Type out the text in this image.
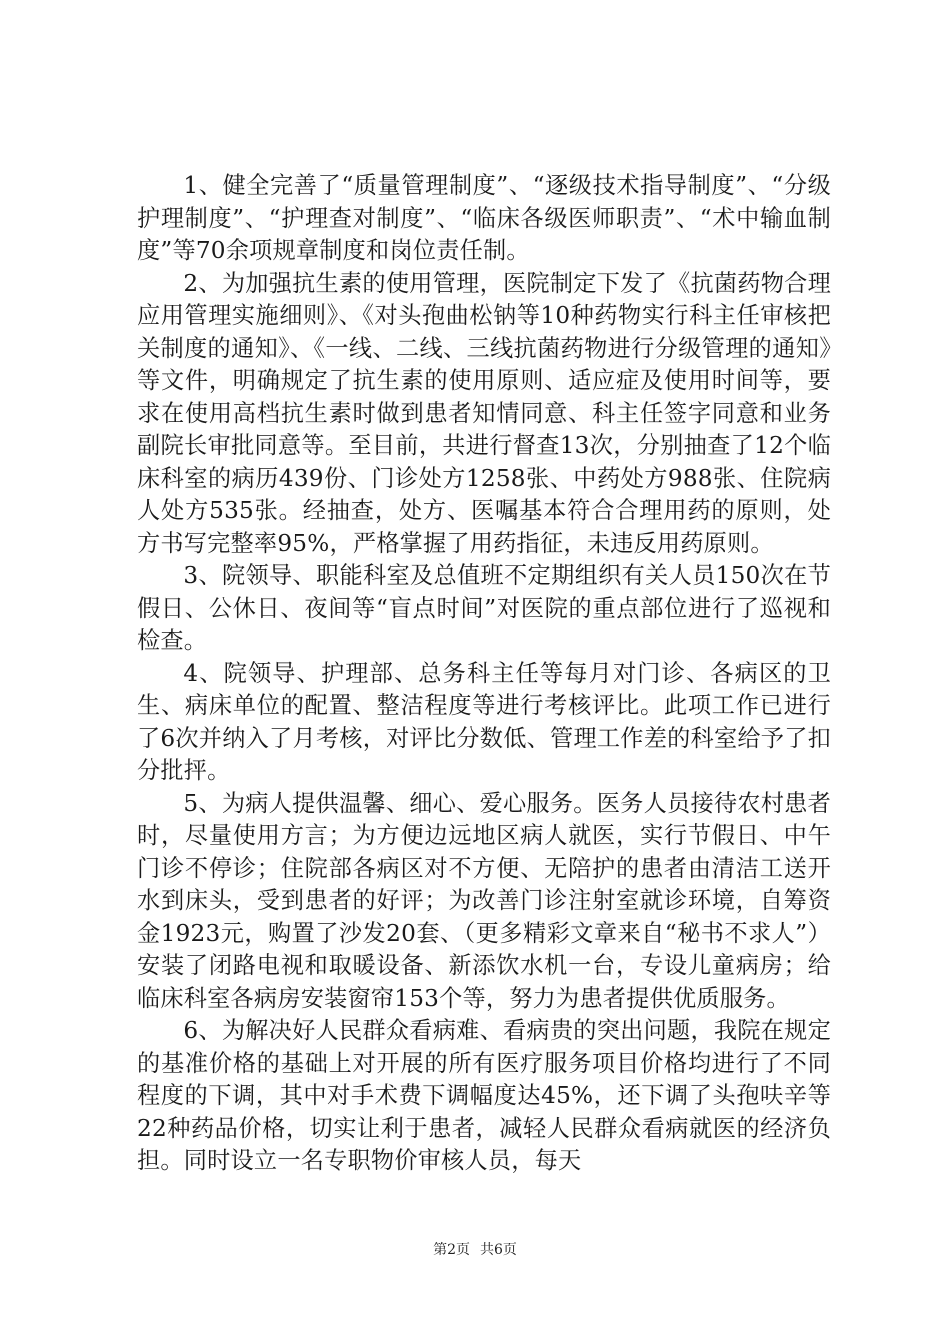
1、健全完善了“质量管理制度”、“逐级技术指导制度”、“分级护理制度”、“护理查对制度”、“临床各级医师职责”、“术中输血制度”等70余项规章制度和岗位责任制。

2、为加强抗生素的使用管理，医院制定下发了《抗菌药物合理应用管理实施细则》、《对头孢曲松钠等10种药物实行科主任审核把关制度的通知》、《一线、二线、三线抗菌药物进行分级管理的通知》等文件，明确规定了抗生素的使用原则、适应症及使用时间等，要求在使用高档抗生素时做到患者知情同意、科主任签字同意和业务副院长审批同意等。至目前，共进行督查13次，分别抽查了12个临床科室的病历439份、门诊处方1258张、中药处方988张、住院病人处方535张。经抽查，处方、医嘱基本符合合理用药的原则，处方书写完整率95%，严格掌握了用药指征，未违反用药原则。

3、院领导、职能科室及总值班不定期组织有关人员150次在节假日、公休日、夜间等“盲点时间”对医院的重点部位进行了巡视和检查。

4、院领导、护理部、总务科主任等每月对门诊、各病区的卫生、病床单位的配置、整洁程度等进行考核评比。此项工作已进行了6次并纳入了月考核，对评比分数低、管理工作差的科室给予了扣分批抨。

5、为病人提供温馨、细心、爱心服务。医务人员接待农村患者时，尽量使用方言；为方便边远地区病人就医，实行节假日、中午门诊不停诊；住院部各病区对不方便、无陪护的患者由清洁工送开水到床头，受到患者的好评；为改善门诊注射室就诊环境，自筹资金1923元，购置了沙发20套、（更多精彩文章来自“秘书不求人”）安装了闭路电视和取暖设备、新添饮水机一台，专设儿童病房；给临床科室各病房安装窗帘153个等，努力为患者提供优质服务。

6、为解决好人民群众看病难、看病贵的突出问题，我院在规定的基准价格的基础上对开展的所有医疗服务项目价格均进行了不同程度的下调，其中对手术费下调幅度达45%，还下调了头孢呋辛等22种药品价格，切实让利于患者，减轻人民群众看病就医的经济负担。同时设立一名专职物价审核人员，每天

第2页 共6页
